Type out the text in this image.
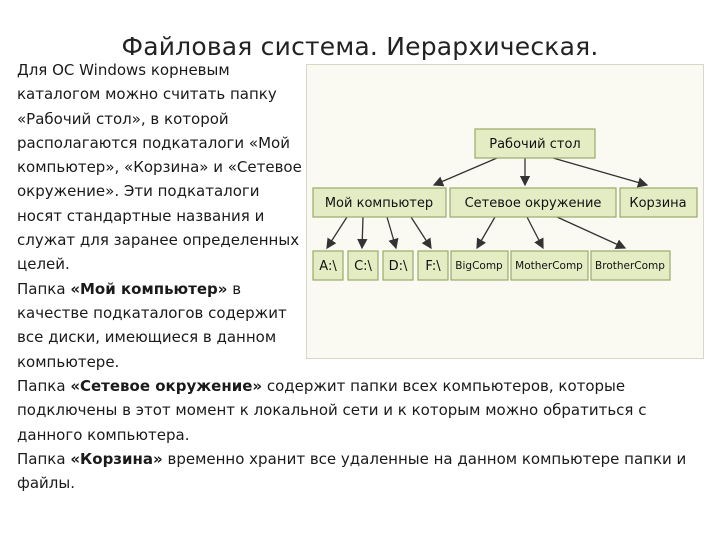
Файловая система. Иерархическая.

Для ОС Windows корневым каталогом можно считать папку «Рабочий стол», в которой располагаются подкаталоги «Мой компьютер», «Корзина» и «Сетевое окружение». Эти подкаталоги носят стандартные названия и служат для заранее определенных целей.
Папка «Мой компьютер» в качестве подкаталогов содержит все диски, имеющиеся в данном компьютере.

Рабочий стол
Мой компьютер Сетевое окружение Корзина
A:\ C:\ D:\ F:\ BigComp MotherComp BrotherComp

Папка «Сетевое окружение» содержит папки всех компьютеров, которые подключены в этот момент к локальной сети и к которым можно обратиться с данного компьютера.
Папка «Корзина» временно хранит все удаленные на данном компьютере папки и файлы.
